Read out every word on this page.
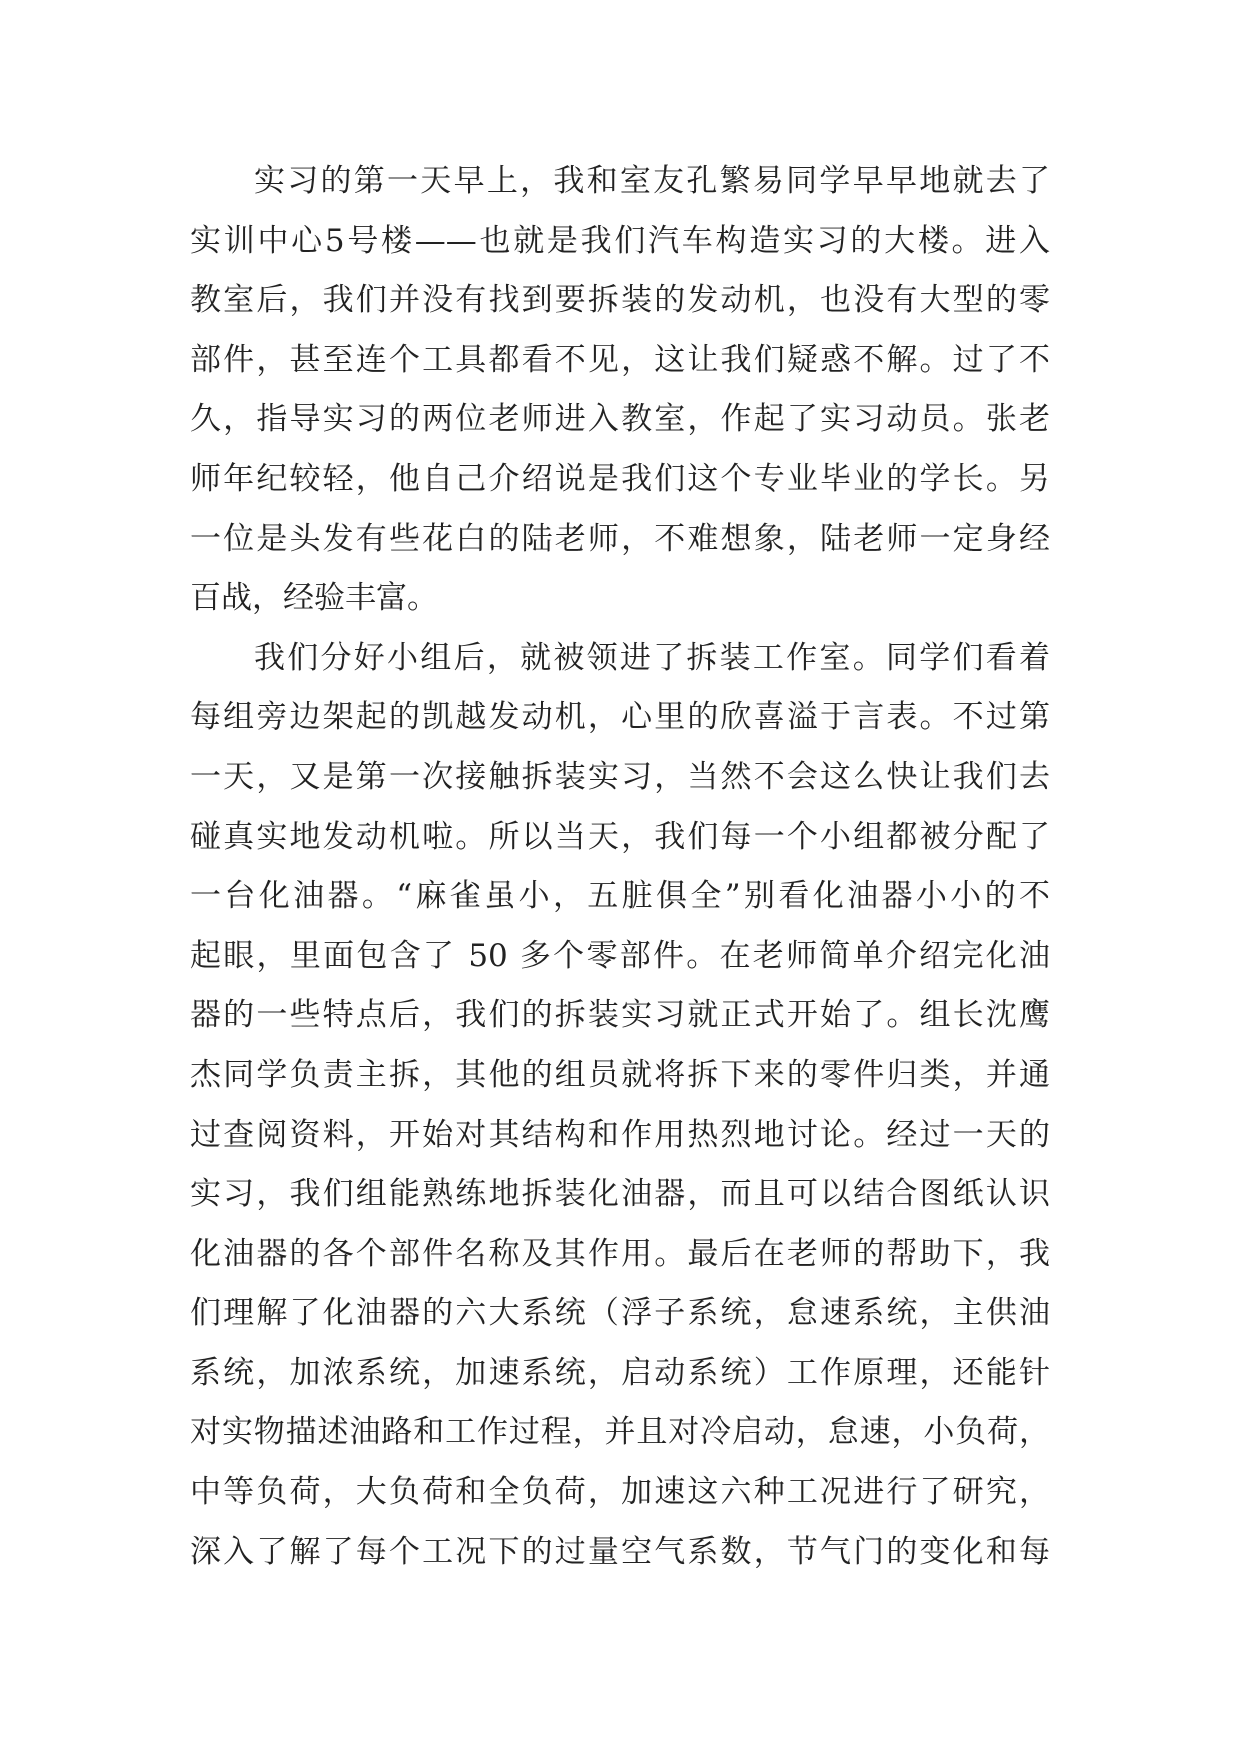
实习的第一天早上，我和室友孔繁易同学早早地就去了
实训中心5号楼——也就是我们汽车构造实习的大楼。进入
教室后，我们并没有找到要拆装的发动机，也没有大型的零
部件，甚至连个工具都看不见，这让我们疑惑不解。过了不
久，指导实习的两位老师进入教室，作起了实习动员。张老
师年纪较轻，他自己介绍说是我们这个专业毕业的学长。另
一位是头发有些花白的陆老师，不难想象，陆老师一定身经
百战，经验丰富。
我们分好小组后，就被领进了拆装工作室。同学们看着
每组旁边架起的凯越发动机，心里的欣喜溢于言表。不过第
一天，又是第一次接触拆装实习，当然不会这么快让我们去
碰真实地发动机啦。所以当天，我们每一个小组都被分配了
一台化油器。“麻雀虽小，五脏俱全”别看化油器小小的不
起眼，里面包含了 50 多个零部件。在老师简单介绍完化油
器的一些特点后，我们的拆装实习就正式开始了。组长沈鹰
杰同学负责主拆，其他的组员就将拆下来的零件归类，并通
过查阅资料，开始对其结构和作用热烈地讨论。经过一天的
实习，我们组能熟练地拆装化油器，而且可以结合图纸认识
化油器的各个部件名称及其作用。最后在老师的帮助下，我
们理解了化油器的六大系统（浮子系统，怠速系统，主供油
系统，加浓系统，加速系统，启动系统）工作原理，还能针
对实物描述油路和工作过程，并且对冷启动，怠速，小负荷，
中等负荷，大负荷和全负荷，加速这六种工况进行了研究，
深入了解了每个工况下的过量空气系数，节气门的变化和每
